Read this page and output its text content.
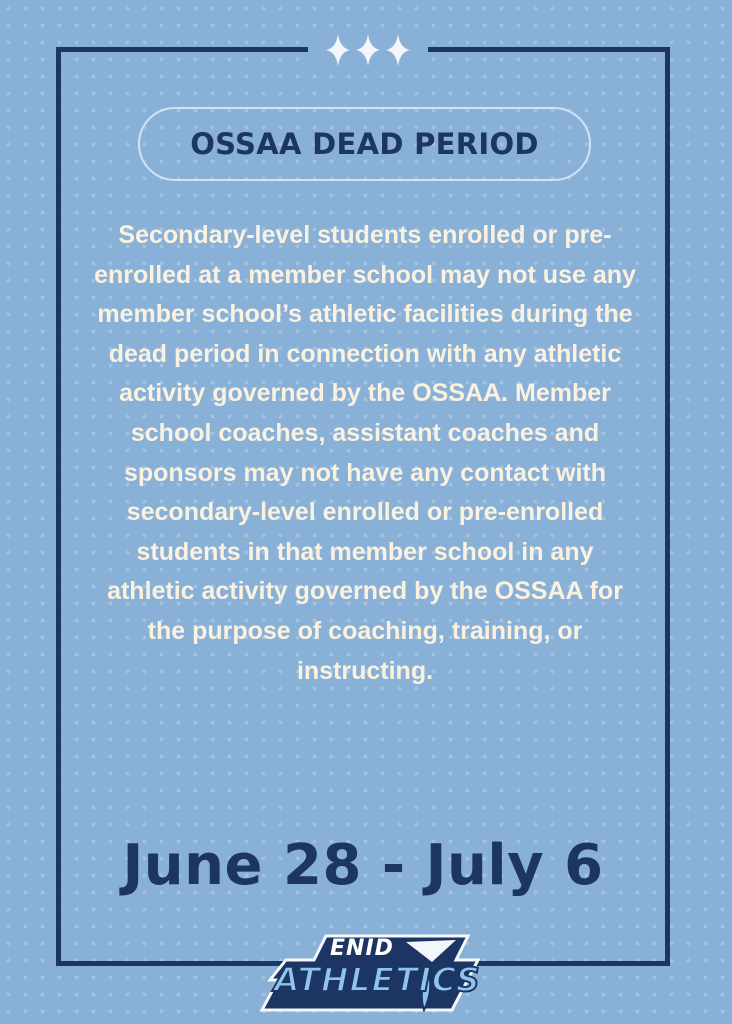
OSSAA DEAD PERIOD
Secondary-level students enrolled or pre-enrolled at a member school may not use any member school’s athletic facilities during the dead period in connection with any athletic activity governed by the OSSAA. Member school coaches, assistant coaches and sponsors may not have any contact with secondary-level enrolled or pre-enrolled students in that member school in any athletic activity governed by the OSSAA for the purpose of coaching, training, or instructing.
June 28 - July 6
ENID
ATHLETICS
